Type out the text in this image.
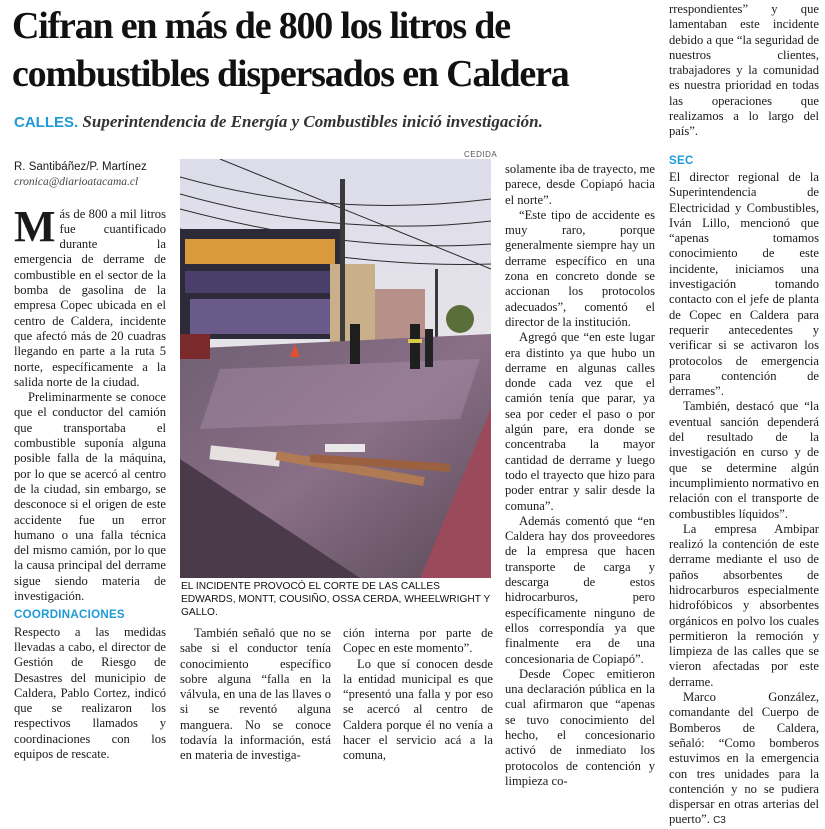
Cifran en más de 800 los litros de combustibles dispersados en Caldera
CALLES. Superintendencia de Energía y Combustibles inició investigación.
R. Santibáñez/P. Martínez
cronica@diarioatacama.cl

Más de 800 a mil litros fue cuantificado durante la emergencia de derrame de combustible en el sector de la bomba de gasolina de la empresa Copec ubicada en el centro de Caldera, incidente que afectó más de 20 cuadras llegando en parte a la ruta 5 norte, específicamente a la salida norte de la ciudad.

Preliminarmente se conoce que el conductor del camión que transportaba el combustible suponía alguna posible falla de la máquina, por lo que se acercó al centro de la ciudad, sin embargo, se desconoce si el origen de este accidente fue un error humano o una falla técnica del mismo camión, por lo que la causa principal del derrame sigue siendo materia de investigación.

COORDINACIONES

Respecto a las medidas llevadas a cabo, el director de Gestión de Riesgo de Desastres del municipio de Caldera, Pablo Cortez, indicó que se realizaron los respectivos llamados y coordinaciones con los equipos de rescate.

CEDIDA
EL INCIDENTE PROVOCÓ EL CORTE DE LAS CALLES EDWARDS, MONTT, COUSIÑO, OSSA CERDA, WHEELWRIGHT Y GALLO.

También señaló que no se sabe si el conductor tenía conocimiento específico sobre alguna “falla en la válvula, en una de las llaves o si se reventó alguna manguera. No se conoce todavía la información, está en materia de investiga-

ción interna por parte de Copec en este momento”.

Lo que sí conocen desde la entidad municipal es que “presentó una falla y por eso se acercó al centro de Caldera porque él no venía a hacer el servicio acá a la comuna,

solamente iba de trayecto, me parece, desde Copiapó hacia el norte”.

“Este tipo de accidente es muy raro, porque generalmente siempre hay un derrame específico en una zona en concreto donde se accionan los protocolos adecuados”, comentó el director de la institución.

Agregó que “en este lugar era distinto ya que hubo un derrame en algunas calles donde cada vez que el camión tenía que parar, ya sea por ceder el paso o por algún pare, era donde se concentraba la mayor cantidad de derrame y luego todo el trayecto que hizo para poder entrar y salir desde la comuna”.

Además comentó que “en Caldera hay dos proveedores de la empresa que hacen transporte de carga y descarga de estos hidrocarburos, pero específicamente ninguno de ellos correspondía ya que finalmente era de una concesionaria de Copiapó”.

Desde Copec emitieron una declaración pública en la cual afirmaron que “apenas se tuvo conocimiento del hecho, el concesionario activó de inmediato los protocolos de contención y limpieza co-

rrespondientes” y que lamentaban este incidente debido a que “la seguridad de nuestros clientes, trabajadores y la comunidad es nuestra prioridad en todas las operaciones que realizamos a lo largo del país”.

SEC

El director regional de la Superintendencia de Electricidad y Combustibles, Iván Lillo, mencionó que “apenas tomamos conocimiento de este incidente, iniciamos una investigación tomando contacto con el jefe de planta de Copec en Caldera para requerir antecedentes y verificar si se activaron los protocolos de emergencia para contención de derrames”.

También, destacó que “la eventual sanción dependerá del resultado de la investigación en curso y de que se determine algún incumplimiento normativo en relación con el transporte de combustibles líquidos”.

La empresa Ambipar realizó la contención de este derrame mediante el uso de paños absorbentes de hidrocarburos especialmente hidrofóbicos y absorbentes orgánicos en polvo los cuales permitieron la remoción y limpieza de las calles que se vieron afectadas por este derrame.

Marco González, comandante del Cuerpo de Bomberos de Caldera, señaló: “Como bomberos estuvimos en la emergencia con tres unidades para la contención y no se pudiera dispersar en otras arterias del puerto”. C3
